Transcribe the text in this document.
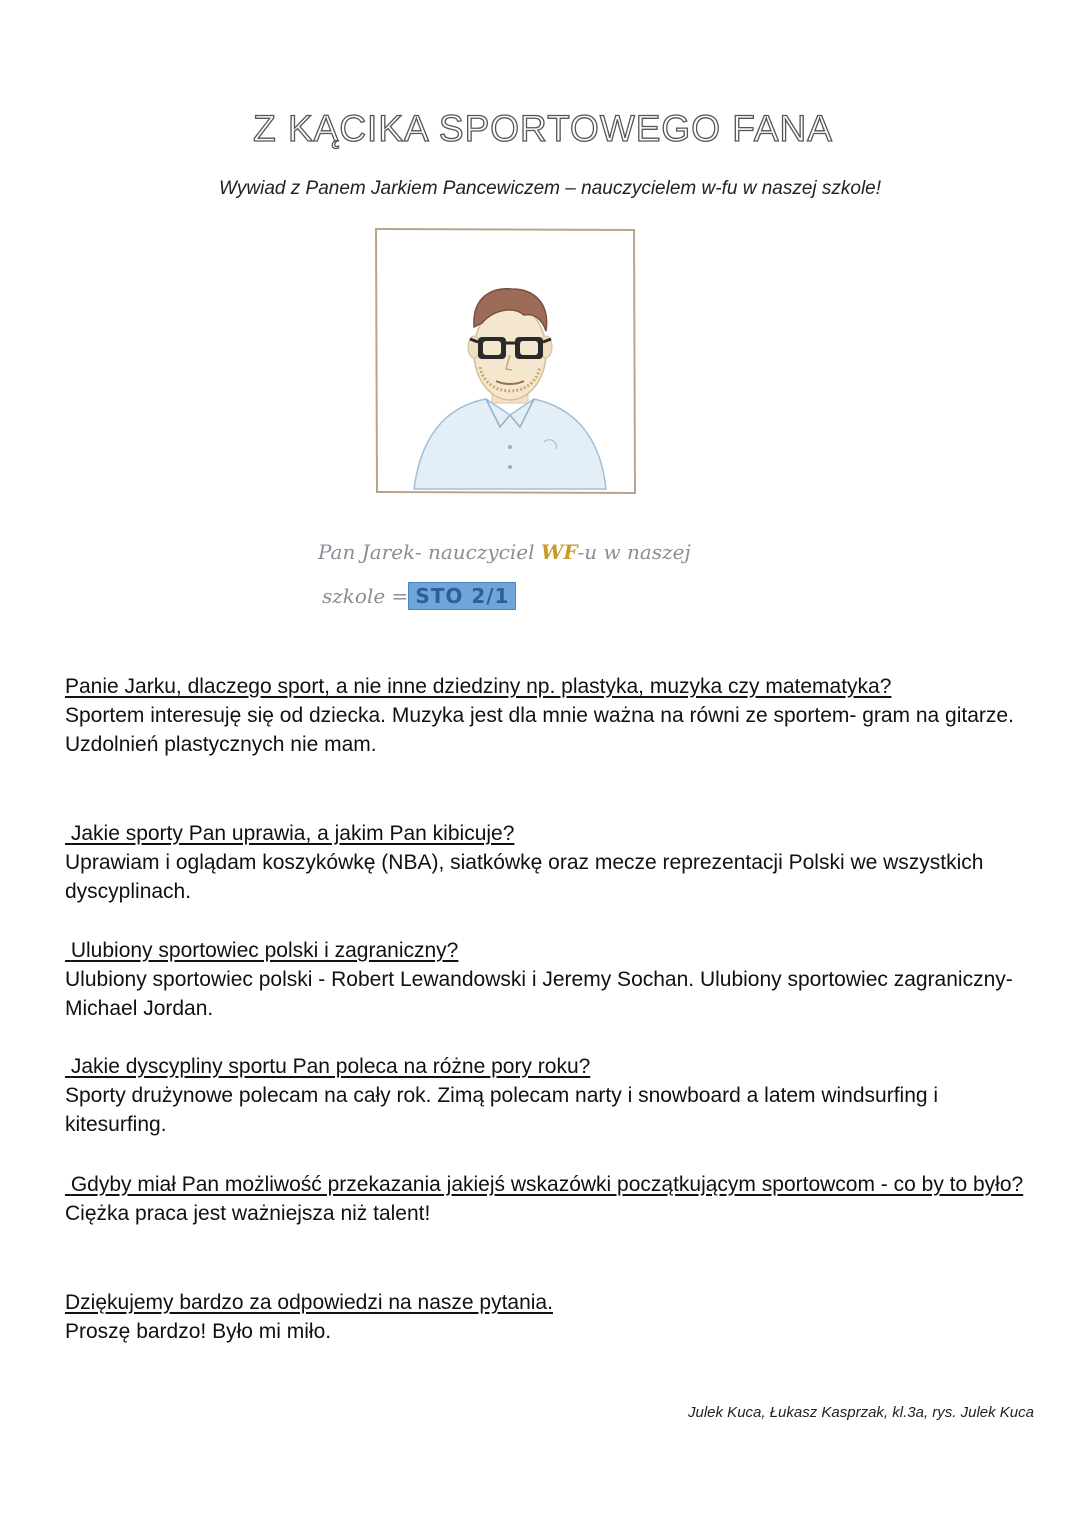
Z KĄCIKA SPORTOWEGO FANA
Wywiad z Panem Jarkiem Pancewiczem – nauczycielem w-fu w naszej szkole!
Pan Jarek- nauczyciel WF-u w naszej
szkole = STO 2/1
Panie Jarku, dlaczego sport, a nie inne dziedziny np. plastyka, muzyka czy matematyka?
Sportem interesuję się od dziecka. Muzyka jest dla mnie ważna na równi ze sportem- gram na gitarze. Uzdolnień plastycznych nie mam.
Jakie sporty Pan uprawia, a jakim Pan kibicuje?
Uprawiam i oglądam koszykówkę (NBA), siatkówkę oraz mecze reprezentacji Polski we wszystkich dyscyplinach.
Ulubiony sportowiec polski i zagraniczny?
Ulubiony sportowiec polski - Robert Lewandowski i Jeremy Sochan. Ulubiony sportowiec zagraniczny- Michael Jordan.
Jakie dyscypliny sportu Pan poleca na różne pory roku?
Sporty drużynowe polecam na cały rok. Zimą polecam narty i snowboard a latem windsurfing i kitesurfing.
Gdyby miał Pan możliwość przekazania jakiejś wskazówki początkującym sportowcom - co by to było?
Ciężka praca jest ważniejsza niż talent!
Dziękujemy bardzo za odpowiedzi na nasze pytania.
Proszę bardzo! Było mi miło.
Julek Kuca, Łukasz Kasprzak, kl.3a, rys. Julek Kuca
